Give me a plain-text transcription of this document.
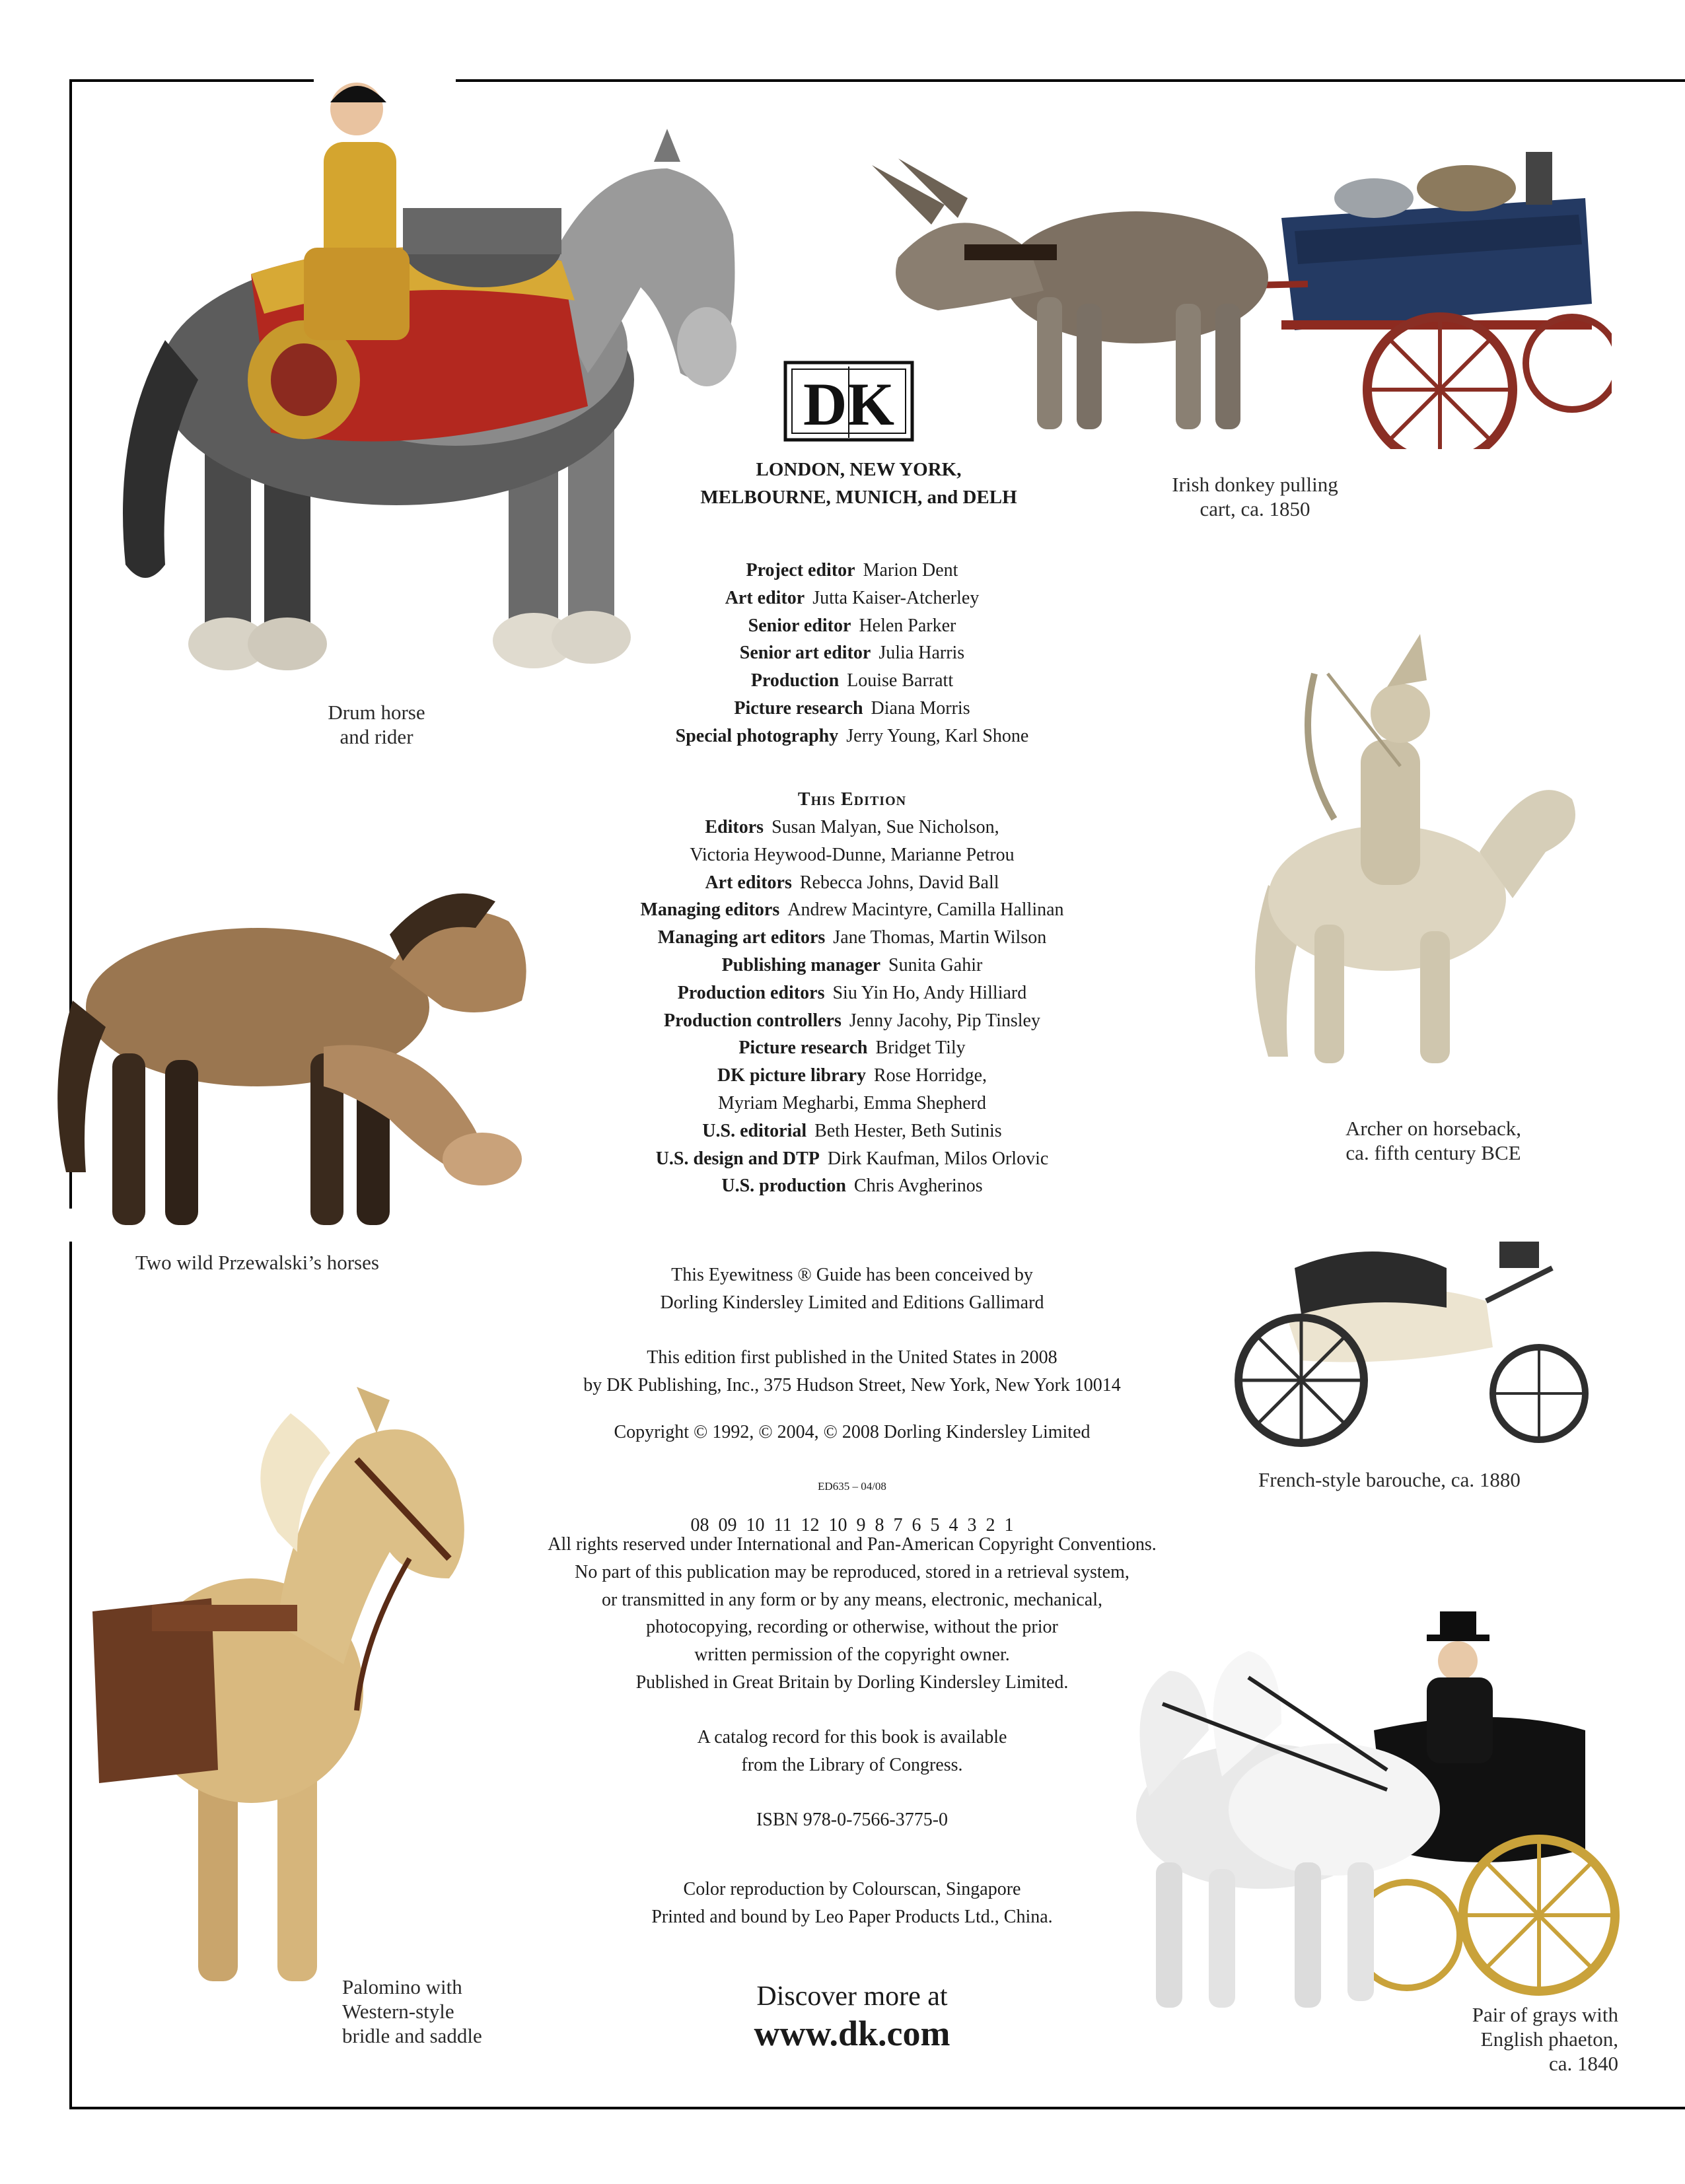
DK
LONDON, NEW YORK,
MELBOURNE, MUNICH, and DELH
Irish donkey pulling
cart, ca. 1850
Drum horse
and rider
Archer on horseback,
ca. fifth century BCE
Two wild Przewalski’s horses
French-style barouche, ca. 1880
Palomino with
Western-style
bridle and saddle
Pair of grays with
English phaeton,
ca. 1840
Project editor Marion Dent
Art editor Jutta Kaiser-Atcherley
Senior editor Helen Parker
Senior art editor Julia Harris
Production Louise Barratt
Picture research Diana Morris
Special photography Jerry Young, Karl Shone
This Edition
Editors Susan Malyan, Sue Nicholson,
Victoria Heywood-Dunne, Marianne Petrou
Art editors Rebecca Johns, David Ball
Managing editors Andrew Macintyre, Camilla Hallinan
Managing art editors Jane Thomas, Martin Wilson
Publishing manager Sunita Gahir
Production editors Siu Yin Ho, Andy Hilliard
Production controllers Jenny Jacohy, Pip Tinsley
Picture research Bridget Tily
DK picture library Rose Horridge,
Myriam Megharbi, Emma Shepherd
U.S. editorial Beth Hester, Beth Sutinis
U.S. design and DTP Dirk Kaufman, Milos Orlovic
U.S. production Chris Avgherinos
This Eyewitness ® Guide has been conceived by
Dorling Kindersley Limited and Editions Gallimard
This edition first published in the United States in 2008
by DK Publishing, Inc., 375 Hudson Street, New York, New York 10014
Copyright © 1992, © 2004, © 2008 Dorling Kindersley Limited

08  09  10  11  12  10  9  8  7  6  5  4  3  2  1

ED635 – 04/08
All rights reserved under International and Pan-American Copyright Conventions.
No part of this publication may be reproduced, stored in a retrieval system,
or transmitted in any form or by any means, electronic, mechanical,
photocopying, recording or otherwise, without the prior
written permission of the copyright owner.
Published in Great Britain by Dorling Kindersley Limited.
A catalog record for this book is available
from the Library of Congress.
ISBN 978-0-7566-3775-0
Color reproduction by Colourscan, Singapore
Printed and bound by Leo Paper Products Ltd., China.
Discover more at
www.dk.com
